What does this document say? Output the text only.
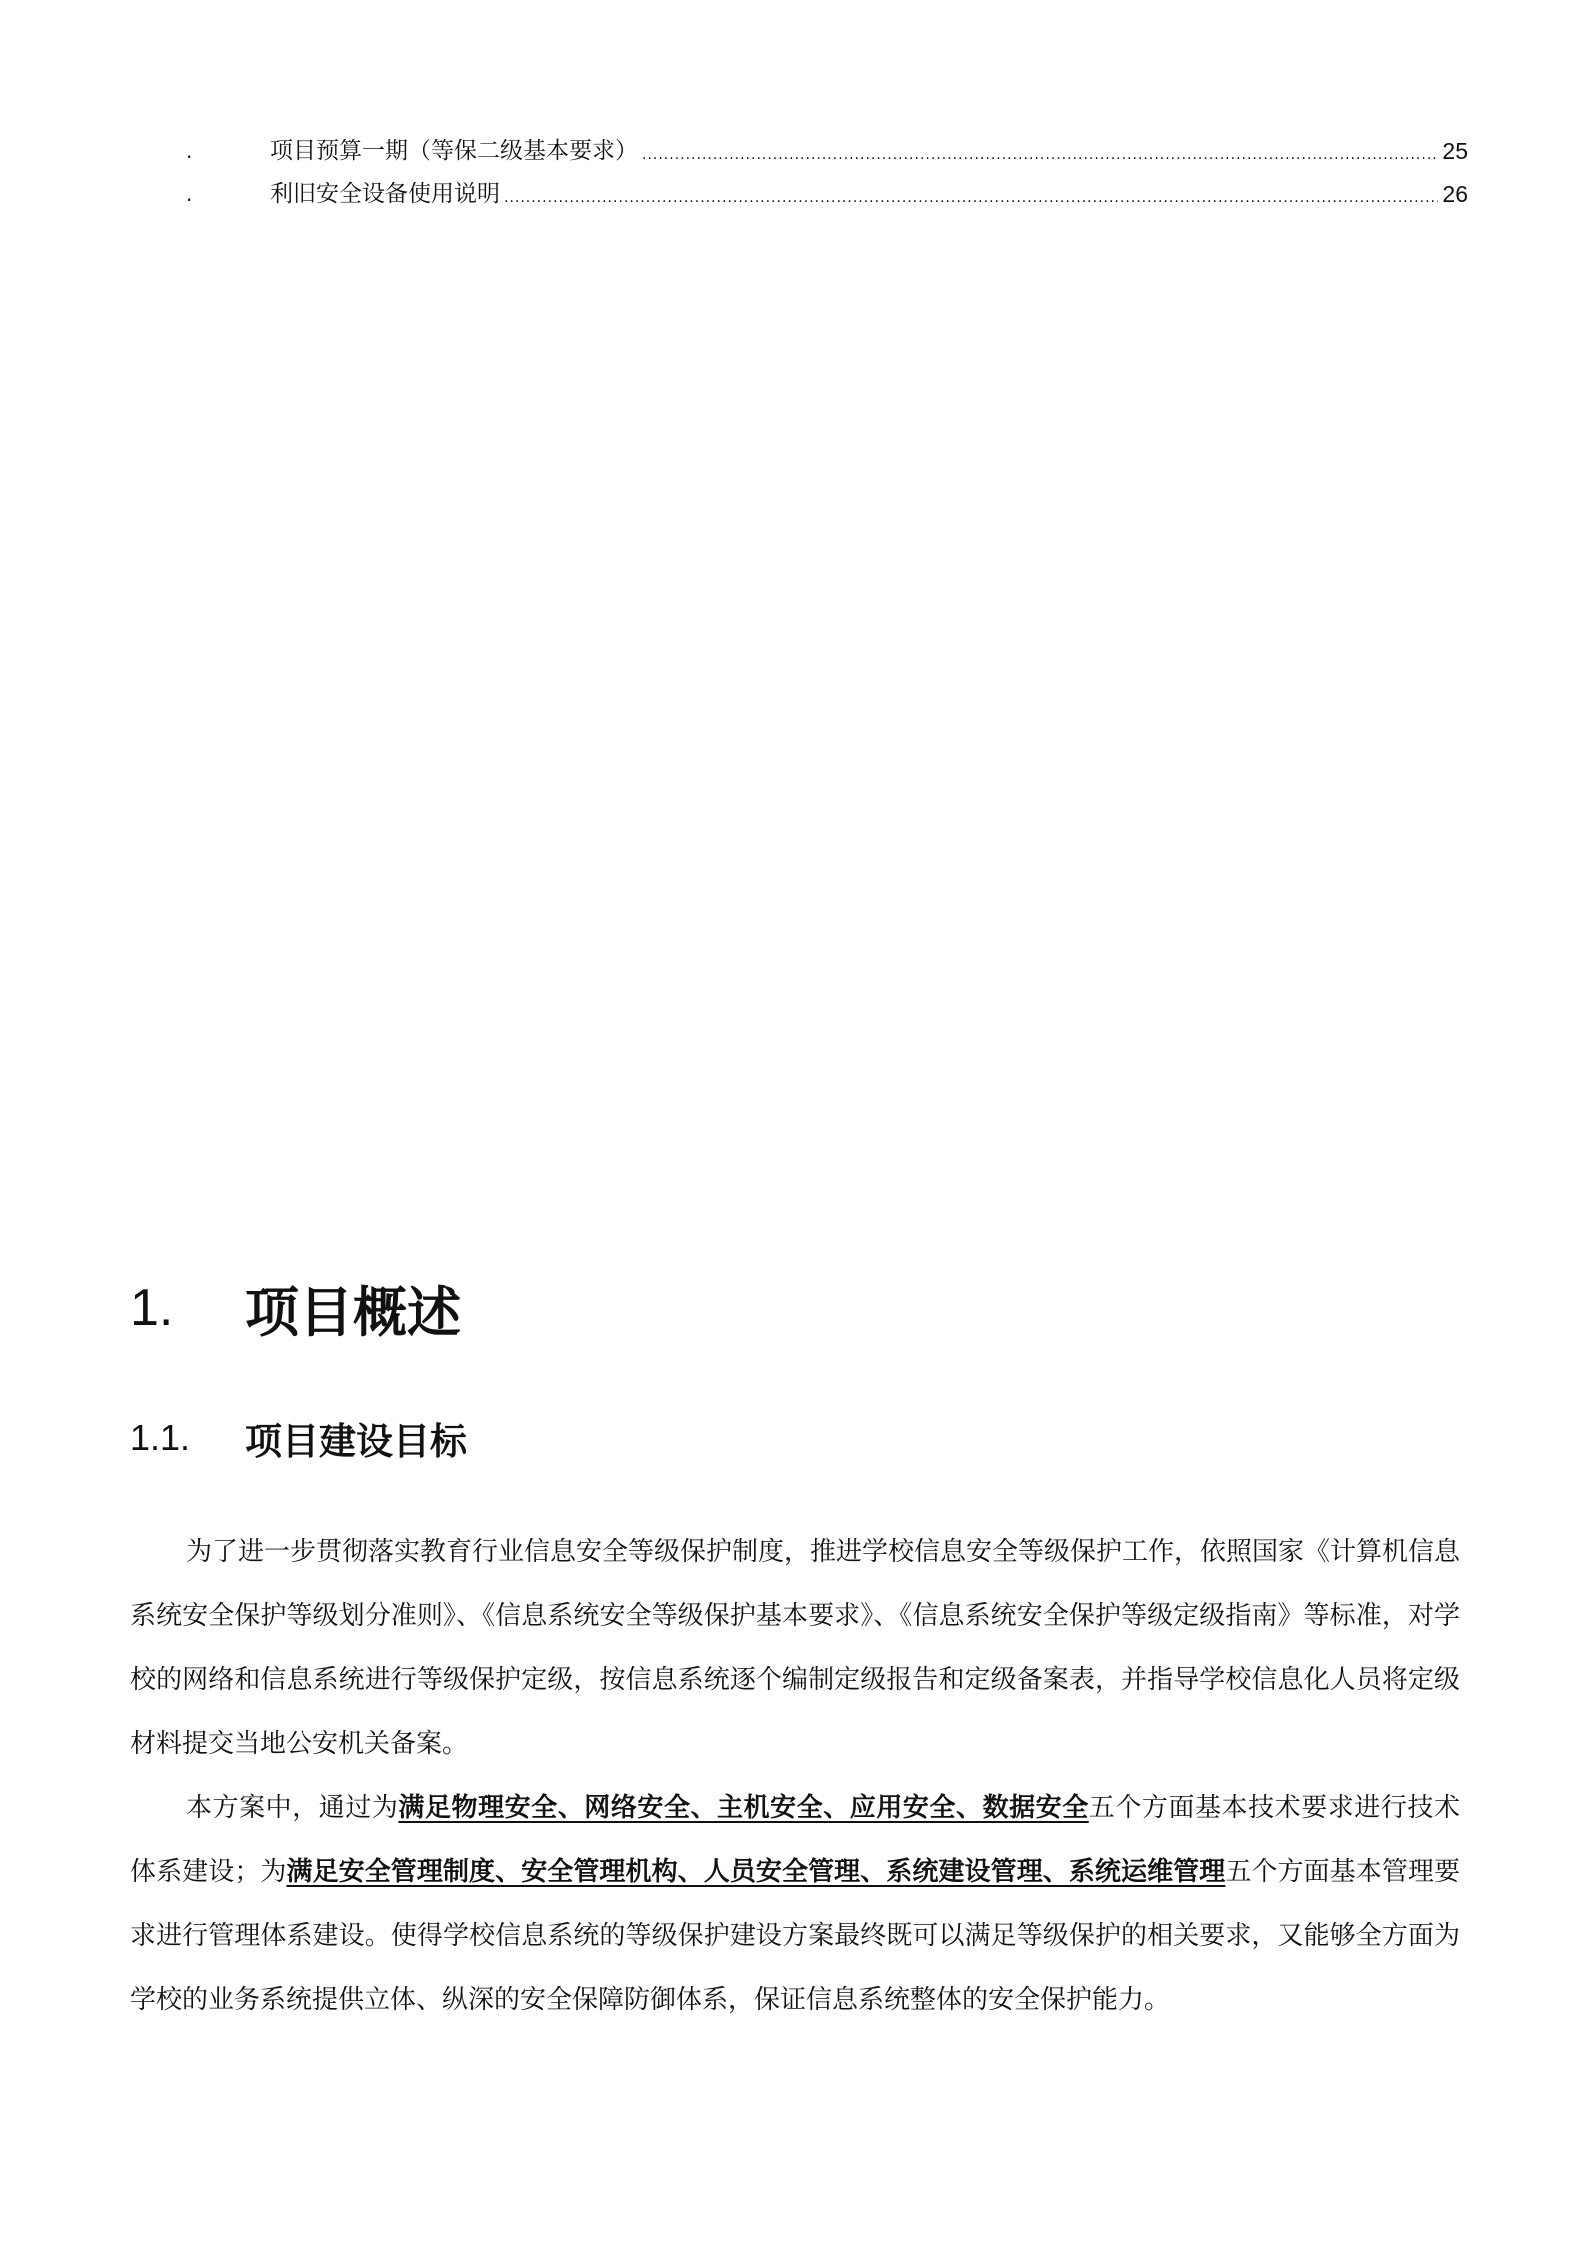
.	项目预算一期（等保二级基本要求） .....	25
.	利旧安全设备使用说明 .....	26
1.	项目概述
1.1.	项目建设目标

为了进一步贯彻落实教育行业信息安全等级保护制度，推进学校信息安全等级保护工作，依照国家《计算机信息系统安全保护等级划分准则》、《信息系统安全等级保护基本要求》、《信息系统安全保护等级定级指南》等标准，对学校的网络和信息系统进行等级保护定级，按信息系统逐个编制定级报告和定级备案表，并指导学校信息化人员将定级材料提交当地公安机关备案。

本方案中，通过为满足物理安全、网络安全、主机安全、应用安全、数据安全五个方面基本技术要求进行技术体系建设；为满足安全管理制度、安全管理机构、人员安全管理、系统建设管理、系统运维管理五个方面基本管理要求进行管理体系建设。使得学校信息系统的等级保护建设方案最终既可以满足等级保护的相关要求，又能够全方面为学校的业务系统提供立体、纵深的安全保障防御体系，保证信息系统整体的安全保护能力。
